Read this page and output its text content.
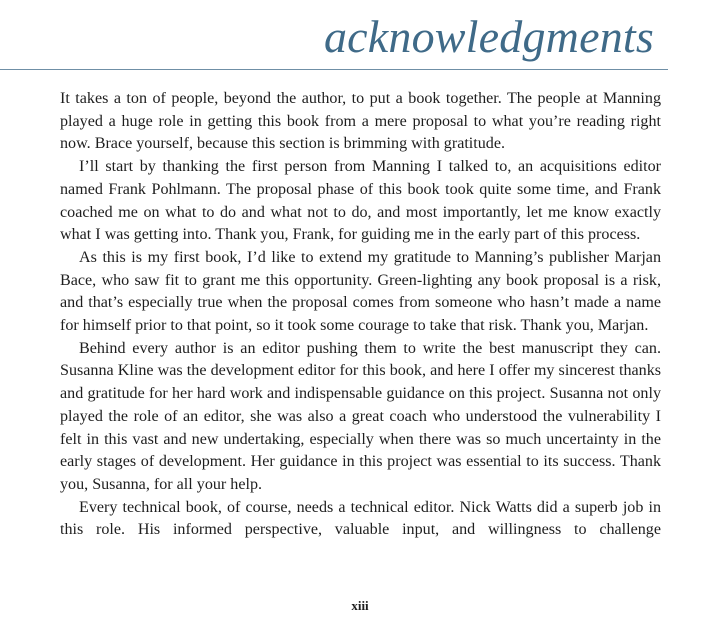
acknowledgments

It takes a ton of people, beyond the author, to put a book together. The people at Manning played a huge role in getting this book from a mere proposal to what you’re reading right now. Brace yourself, because this section is brimming with gratitude.

I’ll start by thanking the first person from Manning I talked to, an acquisitions editor named Frank Pohlmann. The proposal phase of this book took quite some time, and Frank coached me on what to do and what not to do, and most importantly, let me know exactly what I was getting into. Thank you, Frank, for guiding me in the early part of this process.

As this is my first book, I’d like to extend my gratitude to Manning’s publisher Marjan Bace, who saw fit to grant me this opportunity. Green-lighting any book proposal is a risk, and that’s especially true when the proposal comes from someone who hasn’t made a name for himself prior to that point, so it took some courage to take that risk. Thank you, Marjan.

Behind every author is an editor pushing them to write the best manuscript they can. Susanna Kline was the development editor for this book, and here I offer my sincerest thanks and gratitude for her hard work and indispensable guidance on this project. Susanna not only played the role of an editor, she was also a great coach who understood the vulnerability I felt in this vast and new undertaking, especially when there was so much uncertainty in the early stages of development. Her guidance in this project was essential to its success. Thank you, Susanna, for all your help.

Every technical book, of course, needs a technical editor. Nick Watts did a superb job in this role. His informed perspective, valuable input, and willingness to challenge

xiii
